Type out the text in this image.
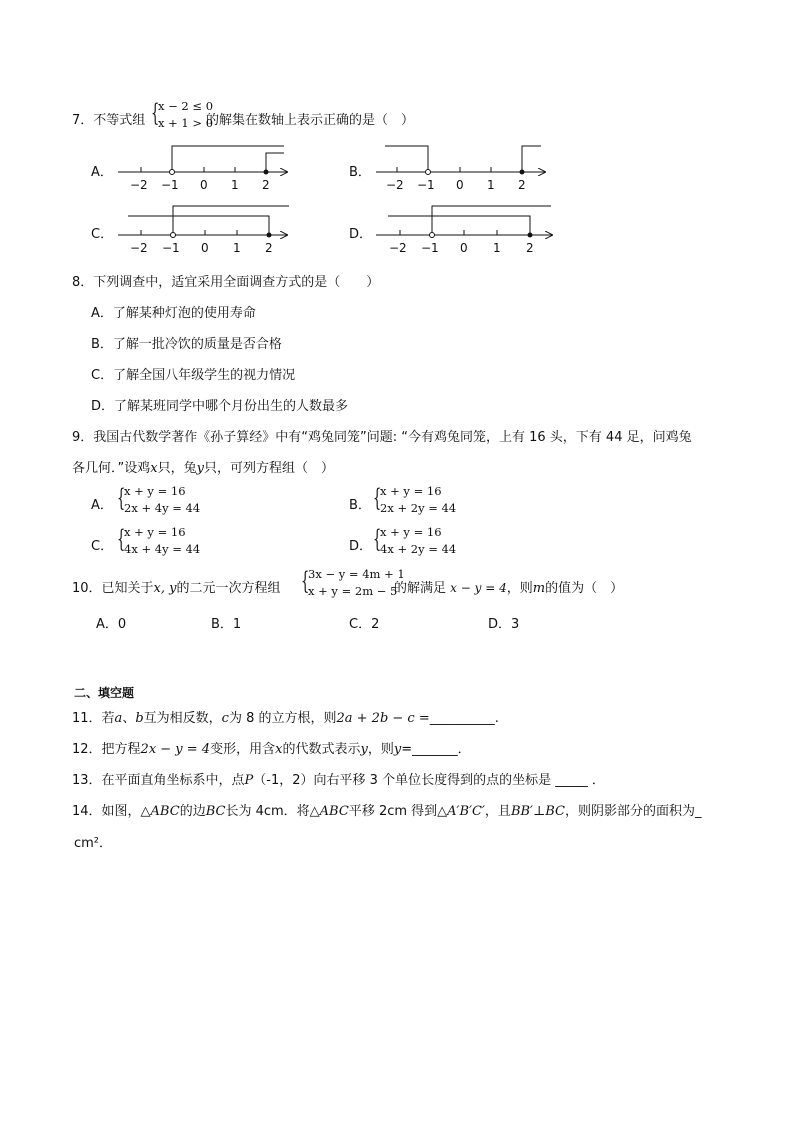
7．不等式组 {
x − 2 ≤ 0
x + 1 > 0
的解集在数轴上表示正确的是（　）
A．	B．
C．	D．
−2 −1 0 1 2	−2 −1 0 1 2
−2 −1 0 1 2	−2 −1 0 1 2
8．下列调查中，适宜采用全面调查方式的是（　　）
A．了解某种灯泡的使用寿命
B．了解一批冷饮的质量是否合格
C．了解全国八年级学生的视力情况
D．了解某班同学中哪个月份出生的人数最多
9．我国古代数学著作《孙子算经》中有“鸡兔同笼”问题: “今有鸡兔同笼，上有 16 头，下有 44 足，问鸡兔
各几何．”设鸡x只，兔y只，可列方程组（　）
A． {
x + y = 16
2x + 4y = 44	B． {
x + y = 16
2x + 2y = 44
C． {
x + y = 16
4x + 4y = 44	D． {
x + y = 16
4x + 2y = 44
10．已知关于x, y的二元一次方程组 {
3x − y = 4m + 1
x + y = 2m − 5
的解满足 x − y = 4，则m的值为（　）
A．0	B．1	C．2	D．3
二、填空题
11．若a、b互为相反数，c为 8 的立方根，则2a + 2b − c =__________.
12．把方程2x − y = 4变形，用含x的代数式表示y，则y=_______．
13．在平面直角坐标系中，点P（-1，2）向右平移 3 个单位长度得到的点的坐标是 _____ ．
14．如图，△ABC的边BC长为 4cm．将△ABC平移 2cm 得到△A′B′C′，且BB′⊥BC，则阴影部分的面积为_
cm²．
